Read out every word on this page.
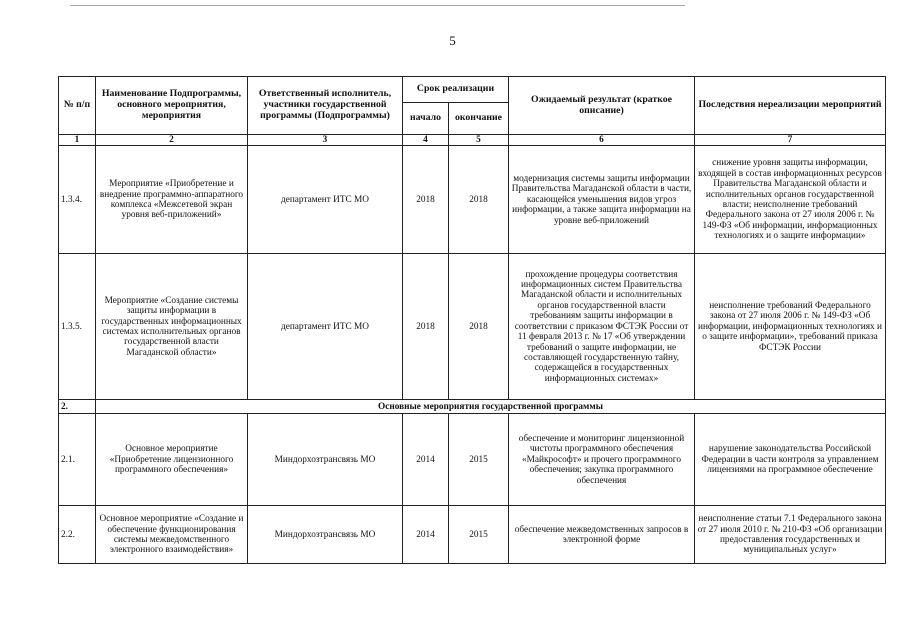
5
№ п/п	Наименование Подпрограммы, основного мероприятия, мероприятия	Ответственный исполнитель, участники государственной программы (Подпрограммы)	Срок реализации		Ожидаемый результат (краткое описание)	Последствия нереализации мероприятий
			начало	окончание		
1	2	3	4	5	6	7
1.3.4.	Мероприятие «Приобретение и внедрение программно-аппаратного комплекса «Межсетевой экран уровня веб-приложений»	департамент ИТС МО	2018	2018	модернизация системы защиты информации Правительства Магаданской области в части, касающейся уменьшения видов угроз информации, а также защита информации на уровне веб-приложений	снижение уровня защиты информации, входящей в состав информационных ресурсов Правительства Магаданской области и исполнительных органов государственной власти; неисполнение требований Федерального закона от 27 июля 2006 г. № 149-ФЗ «Об информации, информационных технологиях и о защите информации»
1.3.5.	Мероприятие «Создание системы защиты информации в государственных информационных системах исполнительных органов государственной власти Магаданской области»	департамент ИТС МО	2018	2018	прохождение процедуры соответствия информационных систем Правительства Магаданской области и исполнительных органов государственной власти требованиям защиты информации в соответствии с приказом ФСТЭК России от 11 февраля 2013 г. № 17 «Об утверждении требований о защите информации, не составляющей государственную тайну, содержащейся в государственных информационных системах»	неисполнение требований Федерального закона от 27 июля 2006 г. № 149-ФЗ «Об информации, информационных технологиях и о защите информации», требований приказа ФСТЭК России
2.	Основные мероприятия государственной программы					
2.1.	Основное мероприятие «Приобретение лицензионного программного обеспечения»	Миндорхозтрансвязь МО	2014	2015	обеспечение и мониторинг лицензионной чистоты программного обеспечения «Майкрософт» и прочего программного обеспечения; закупка программного обеспечения	нарушение законодательства Российской Федерации в части контроля за управлением лицензиями на программное обеспечение
2.2.	Основное мероприятие «Создание и обеспечение функционирования системы межведомственного электронного взаимодействия»	Миндорхозтрансвязь МО	2014	2015	обеспечение межведомственных запросов в электронной форме	неисполнение статьи 7.1 Федерального закона от 27 июля 2010 г. № 210-ФЗ «Об организации предоставления государственных и муниципальных услуг»
